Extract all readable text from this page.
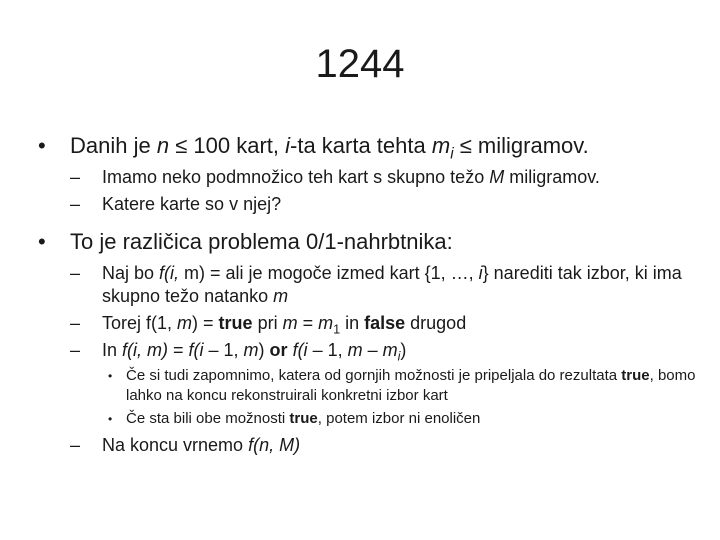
1244
• Danih je n ≤ 100 kart, i-ta karta tehta $m_i$ ≤ miligramov.
– Imamo neko podmnožico teh kart s skupno težo M miligramov.
– Katere karte so v njej?
• To je različica problema 0/1-nahrbtnika:
– Naj bo f(i, m) = ali je mogoče izmed kart {1, …, i} narediti tak izbor, ki ima skupno težo natanko m
– Torej f(1, m) = true pri $m = m_1$ in false drugod
– In f(i, m) = f(i – 1, m) or f(i – 1, m – $m_i$)
• Če si tudi zapomnimo, katera od gornjih možnosti je pripeljala do rezultata true, bomo lahko na koncu rekonstruirali konkretni izbor kart
• Če sta bili obe možnosti true, potem izbor ni enoličen
– Na koncu vrnemo f(n, M)
